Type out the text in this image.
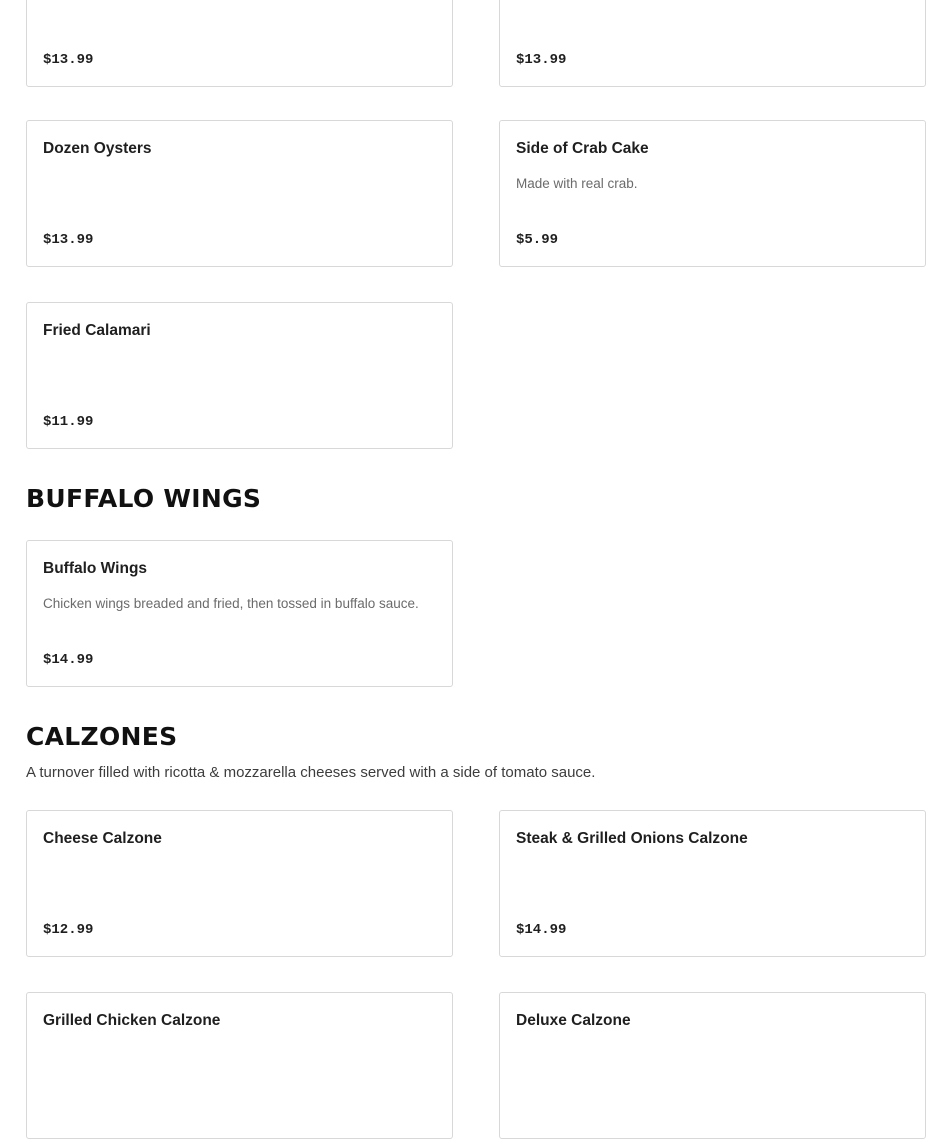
$13.99	$13.99
Dozen Oysters
$13.99
Side of Crab Cake
Made with real crab.
$5.99
Fried Calamari
$11.99
BUFFALO WINGS
Buffalo Wings
Chicken wings breaded and fried, then tossed in buffalo sauce.
$14.99
CALZONES
A turnover filled with ricotta & mozzarella cheeses served with a side of tomato sauce.
Cheese Calzone
$12.99
Steak & Grilled Onions Calzone
$14.99
Grilled Chicken Calzone	Deluxe Calzone
